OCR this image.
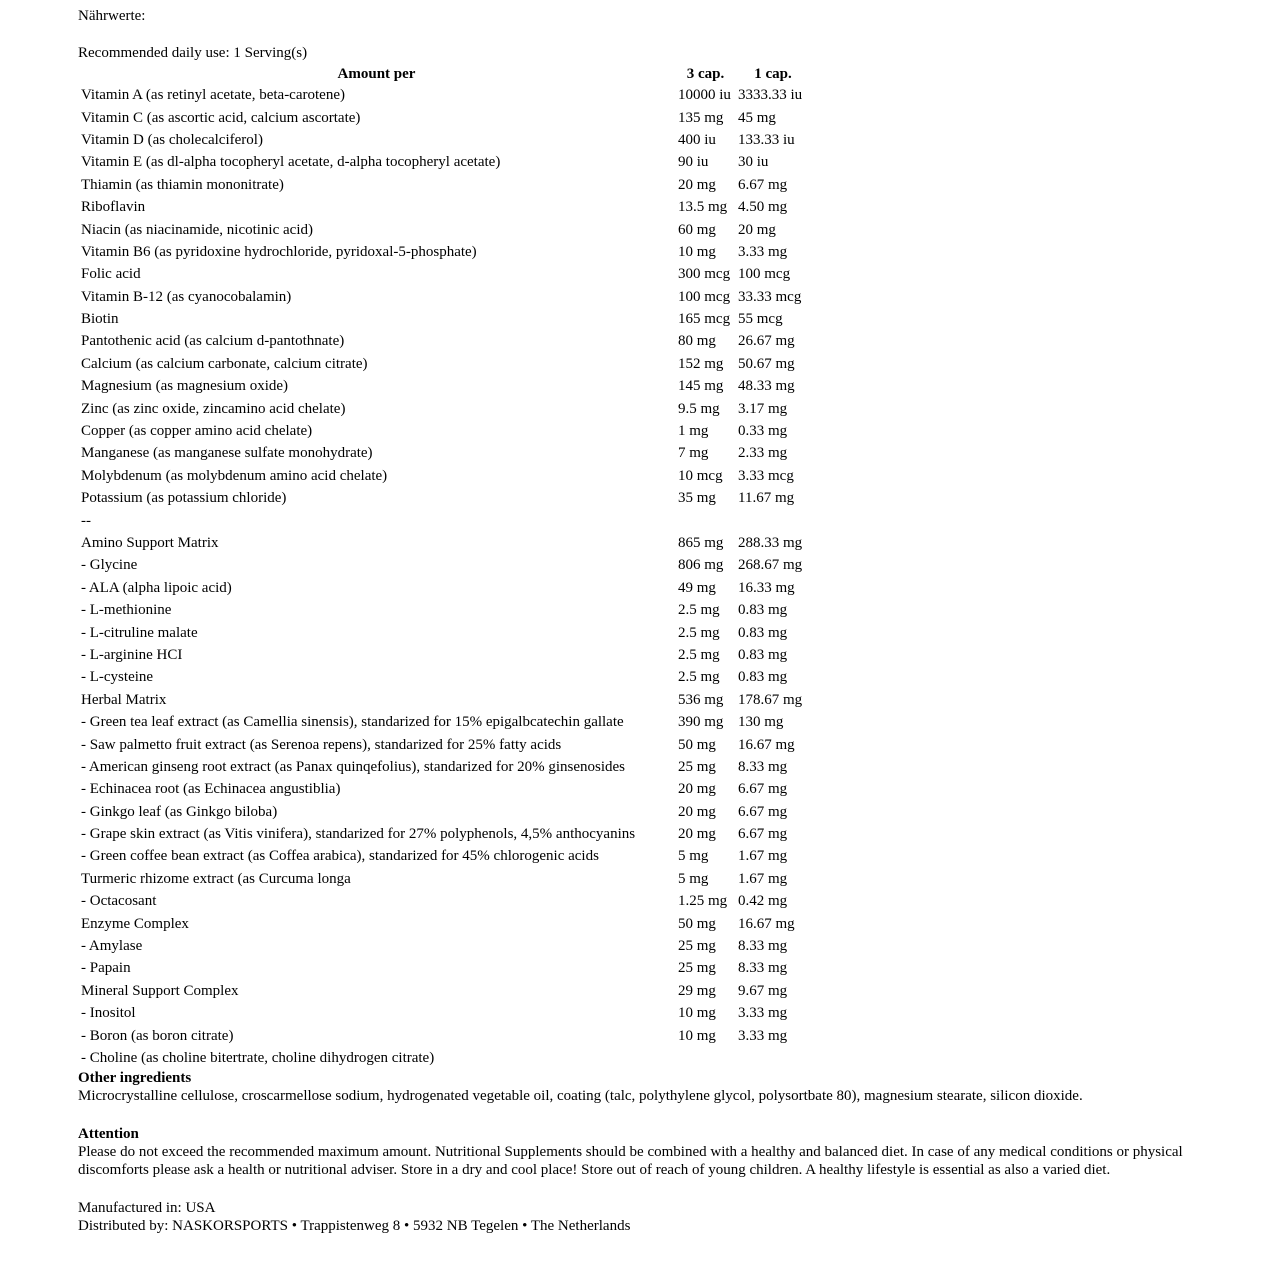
Nährwerte:
Recommended daily use: 1 Serving(s)
Amount per	3 cap.	1 cap.
Vitamin A (as retinyl acetate, beta-carotene)	10000 iu	3333.33 iu
Vitamin C (as ascortic acid, calcium ascortate)	135 mg	45 mg
Vitamin D (as cholecalciferol)	400 iu	133.33 iu
Vitamin E (as dl-alpha tocopheryl acetate, d-alpha tocopheryl acetate)	90 iu	30 iu
Thiamin (as thiamin mononitrate)	20 mg	6.67 mg
Riboflavin	13.5 mg	4.50 mg
Niacin (as niacinamide, nicotinic acid)	60 mg	20 mg
Vitamin B6 (as pyridoxine hydrochloride, pyridoxal-5-phosphate)	10 mg	3.33 mg
Folic acid	300 mcg	100 mcg
Vitamin B-12 (as cyanocobalamin)	100 mcg	33.33 mcg
Biotin	165 mcg	55 mcg
Pantothenic acid (as calcium d-pantothnate)	80 mg	26.67 mg
Calcium (as calcium carbonate, calcium citrate)	152 mg	50.67 mg
Magnesium (as magnesium oxide)	145 mg	48.33 mg
Zinc (as zinc oxide, zincamino acid chelate)	9.5 mg	3.17 mg
Copper (as copper amino acid chelate)	1 mg	0.33 mg
Manganese (as manganese sulfate monohydrate)	7 mg	2.33 mg
Molybdenum (as molybdenum amino acid chelate)	10 mcg	3.33 mcg
Potassium (as potassium chloride)	35 mg	11.67 mg
--		
Amino Support Matrix	865 mg	288.33 mg
- Glycine	806 mg	268.67 mg
- ALA (alpha lipoic acid)	49 mg	16.33 mg
- L-methionine	2.5 mg	0.83 mg
- L-citruline malate	2.5 mg	0.83 mg
- L-arginine HCI	2.5 mg	0.83 mg
- L-cysteine	2.5 mg	0.83 mg
Herbal Matrix	536 mg	178.67 mg
- Green tea leaf extract (as Camellia sinensis), standarized for 15% epigalbcatechin gallate	390 mg	130 mg
- Saw palmetto fruit extract (as Serenoa repens), standarized for 25% fatty acids	50 mg	16.67 mg
- American ginseng root extract (as Panax quinqefolius), standarized for 20% ginsenosides	25 mg	8.33 mg
- Echinacea root (as Echinacea angustiblia)	20 mg	6.67 mg
- Ginkgo leaf (as Ginkgo biloba)	20 mg	6.67 mg
- Grape skin extract (as Vitis vinifera), standarized for 27% polyphenols, 4,5% anthocyanins	20 mg	6.67 mg
- Green coffee bean extract (as Coffea arabica), standarized for 45% chlorogenic acids	5 mg	1.67 mg
Turmeric rhizome extract (as Curcuma longa	5 mg	1.67 mg
- Octacosant	1.25 mg	0.42 mg
Enzyme Complex	50 mg	16.67 mg
- Amylase	25 mg	8.33 mg
- Papain	25 mg	8.33 mg
Mineral Support Complex	29 mg	9.67 mg
- Inositol	10 mg	3.33 mg
- Boron (as boron citrate)	10 mg	3.33 mg
- Choline (as choline bitertrate, choline dihydrogen citrate)		
Other ingredients
Microcrystalline cellulose, croscarmellose sodium, hydrogenated vegetable oil, coating (talc, polythylene glycol, polysortbate 80), magnesium stearate, silicon dioxide.
Attention
Please do not exceed the recommended maximum amount. Nutritional Supplements should be combined with a healthy and balanced diet. In case of any medical conditions or physical discomforts please ask a health or nutritional adviser. Store in a dry and cool place! Store out of reach of young children. A healthy lifestyle is essential as also a varied diet.
Manufactured in: USA
Distributed by: NASKORSPORTS • Trappistenweg 8 • 5932 NB Tegelen • The Netherlands
